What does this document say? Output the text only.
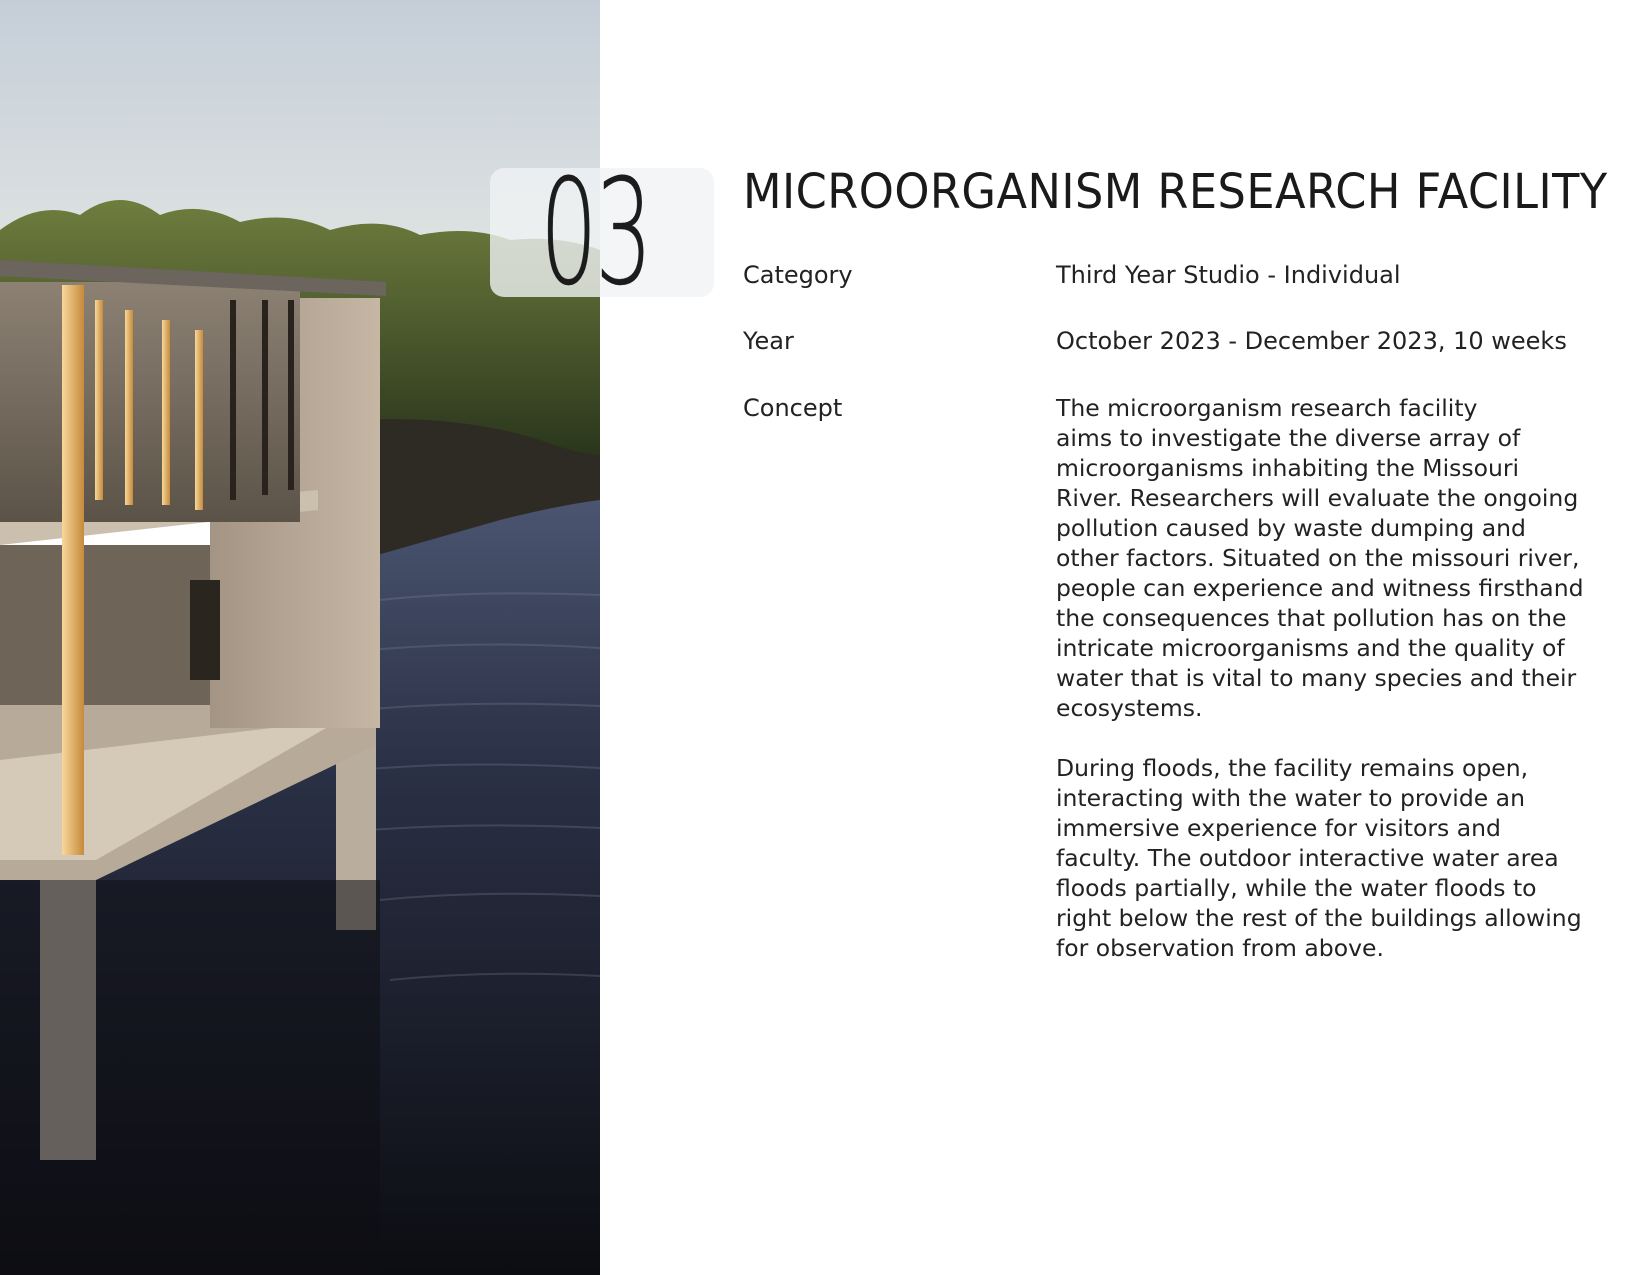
03 MICROORGANISM RESEARCH FACILITY
Category	Third Year Studio - Individual
Year	October 2023 - December 2023, 10 weeks
Concept	The microorganism research facility
aims to investigate the diverse array of
microorganisms inhabiting the Missouri
River. Researchers will evaluate the ongoing
pollution caused by waste dumping and
other factors. Situated on the missouri river,
people can experience and witness firsthand
the consequences that pollution has on the
intricate microorganisms and the quality of
water that is vital to many species and their
ecosystems.

During floods, the facility remains open,
interacting with the water to provide an
immersive experience for visitors and
faculty. The outdoor interactive water area
floods partially, while the water floods to
right below the rest of the buildings allowing
for observation from above.
